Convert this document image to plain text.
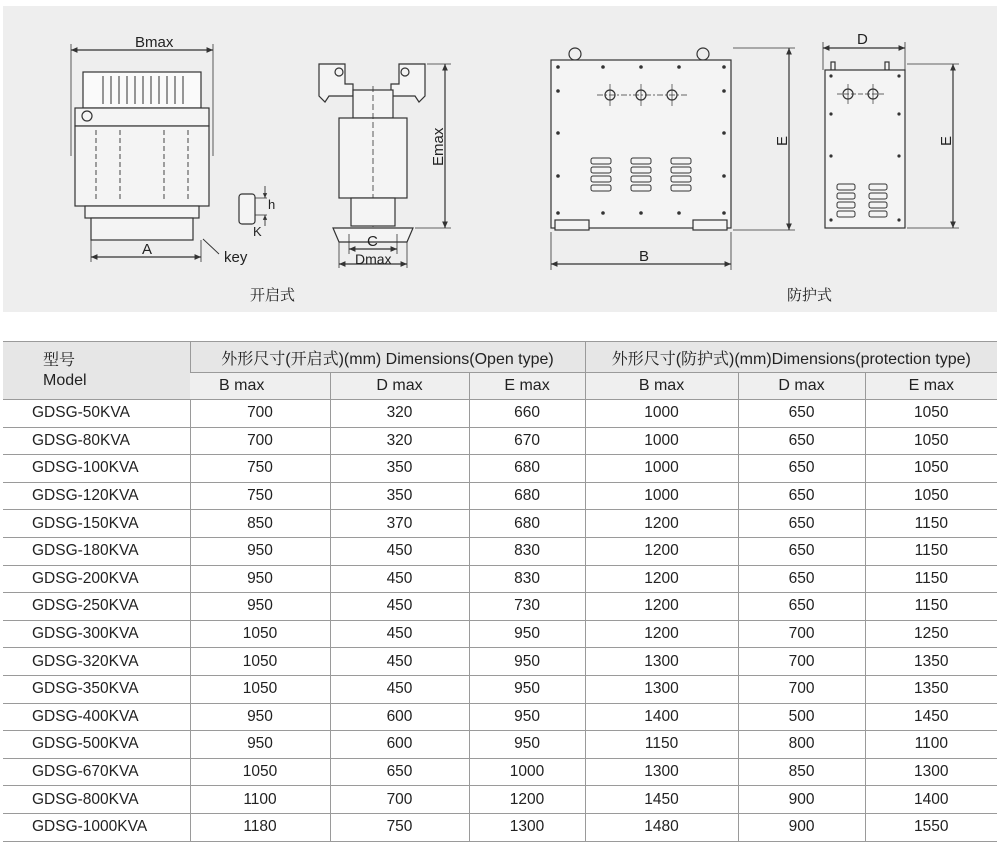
Bmax
A	key
h
K
Emax
C
Dmax	B
E
D
E
开启式	防护式
型号
Model	外形尺寸(开启式)(mm) Dimensions(Open type)			外形尺寸(防护式)(mm)Dimensions(protection type)		
	B max	D max	E max	B max	D max	E max
GDSG-50KVA	700	320	660	1000	650	1050
GDSG-80KVA	700	320	670	1000	650	1050
GDSG-100KVA	750	350	680	1000	650	1050
GDSG-120KVA	750	350	680	1000	650	1050
GDSG-150KVA	850	370	680	1200	650	1150
GDSG-180KVA	950	450	830	1200	650	1150
GDSG-200KVA	950	450	830	1200	650	1150
GDSG-250KVA	950	450	730	1200	650	1150
GDSG-300KVA	1050	450	950	1200	700	1250
GDSG-320KVA	1050	450	950	1300	700	1350
GDSG-350KVA	1050	450	950	1300	700	1350
GDSG-400KVA	950	600	950	1400	500	1450
GDSG-500KVA	950	600	950	1150	800	1100
GDSG-670KVA	1050	650	1000	1300	850	1300
GDSG-800KVA	1100	700	1200	1450	900	1400
GDSG-1000KVA	1180	750	1300	1480	900	1550
